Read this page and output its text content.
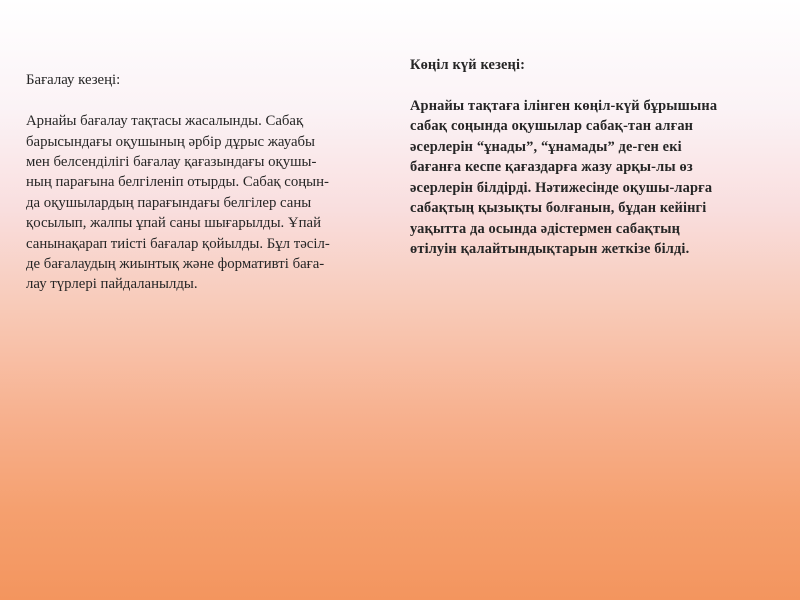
Бағалау кезеңі:

Арнайы бағалау тақтасы жасалынды. Сабақ
барысындағы оқушының әрбір дұрыс жауабы
мен белсенділігі бағалау қағазындағы оқушы-
ның парағына белгіленіп отырды. Сабақ соңын-
да оқушылардың парағындағы белгілер саны
қосылып, жалпы ұпай саны шығарылды. Ұпай
санынақарап тиісті бағалар қойылды. Бұл тәсіл-
де бағалаудың жиынтық және формативті баға-
лау түрлері пайдаланылды.

Көңіл күй кезеңі:

Арнайы тақтаға ілінген көңіл-күй бұрышына
сабақ соңында оқушылар сабақ-тан алған
әсерлерін “ұнады”, “ұнамады” де-ген екі
бағанға кеспе қағаздарға жазу арқы-лы өз
әсерлерін білдірді. Нәтижесінде оқушы-ларға
сабақтың қызықты болғанын, бұдан кейінгі
уақытта да осында әдістермен сабақтың
өтілуін қалайтындықтарын жеткізе білді.
